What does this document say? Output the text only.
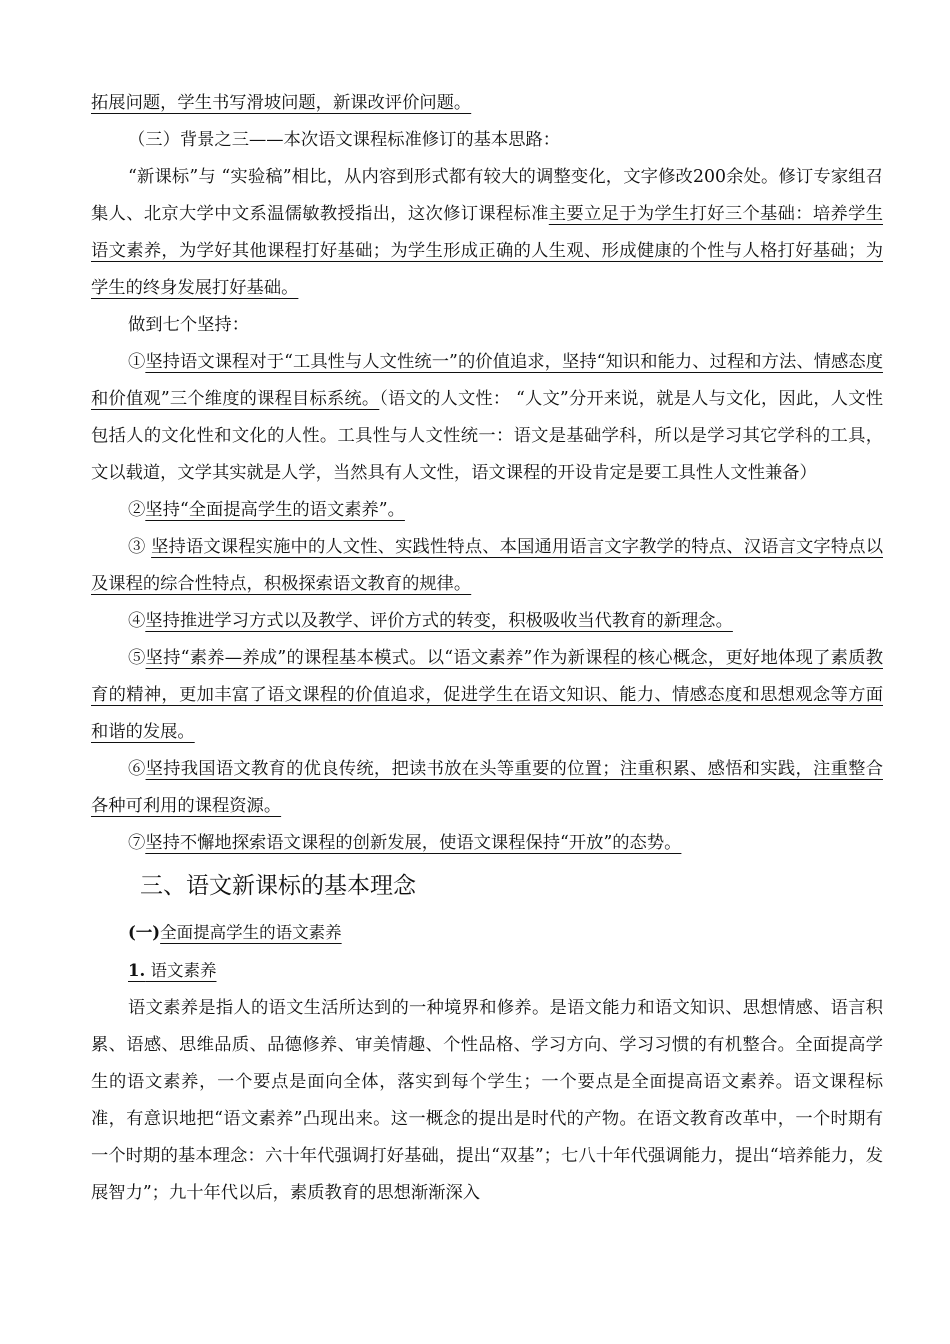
拓展问题，学生书写滑坡问题，新课改评价问题。

（三）背景之三——本次语文课程标准修订的基本思路：

“新课标”与 “实验稿”相比，从内容到形式都有较大的调整变化，文字修改200余处。修订专家组召集人、北京大学中文系温儒敏教授指出，这次修订课程标准主要立足于为学生打好三个基础：培养学生语文素养，为学好其他课程打好基础；为学生形成正确的人生观、形成健康的个性与人格打好基础；为学生的终身发展打好基础。

做到七个坚持：

①坚持语文课程对于“工具性与人文性统一”的价值追求，坚持“知识和能力、过程和方法、情感态度和价值观”三个维度的课程目标系统。（语文的人文性： “人文”分开来说，就是人与文化，因此，人文性包括人的文化性和文化的人性。工具性与人文性统一：语文是基础学科，所以是学习其它学科的工具，文以载道，文学其实就是人学，当然具有人文性，语文课程的开设肯定是要工具性人文性兼备）

②坚持“全面提高学生的语文素养”。

③ 坚持语文课程实施中的人文性、实践性特点、本国通用语言文字教学的特点、汉语言文字特点以及课程的综合性特点，积极探索语文教育的规律。

④坚持推进学习方式以及教学、评价方式的转变，积极吸收当代教育的新理念。

⑤坚持“素养—养成”的课程基本模式。以“语文素养”作为新课程的核心概念，更好地体现了素质教育的精神，更加丰富了语文课程的价值追求，促进学生在语文知识、能力、情感态度和思想观念等方面和谐的发展。

⑥坚持我国语文教育的优良传统，把读书放在头等重要的位置；注重积累、感悟和实践，注重整合各种可利用的课程资源。

⑦坚持不懈地探索语文课程的创新发展，使语文课程保持“开放”的态势。

三、语文新课标的基本理念

(一)全面提高学生的语文素养

1. 语文素养

语文素养是指人的语文生活所达到的一种境界和修养。是语文能力和语文知识、思想情感、语言积累、语感、思维品质、品德修养、审美情趣、个性品格、学习方向、学习习惯的有机整合。全面提高学生的语文素养，一个要点是面向全体，落实到每个学生；一个要点是全面提高语文素养。语文课程标准，有意识地把“语文素养”凸现出来。这一概念的提出是时代的产物。在语文教育改革中，一个时期有一个时期的基本理念：六十年代强调打好基础，提出“双基”；七八十年代强调能力，提出“培养能力，发展智力”；九十年代以后，素质教育的思想渐渐深入
